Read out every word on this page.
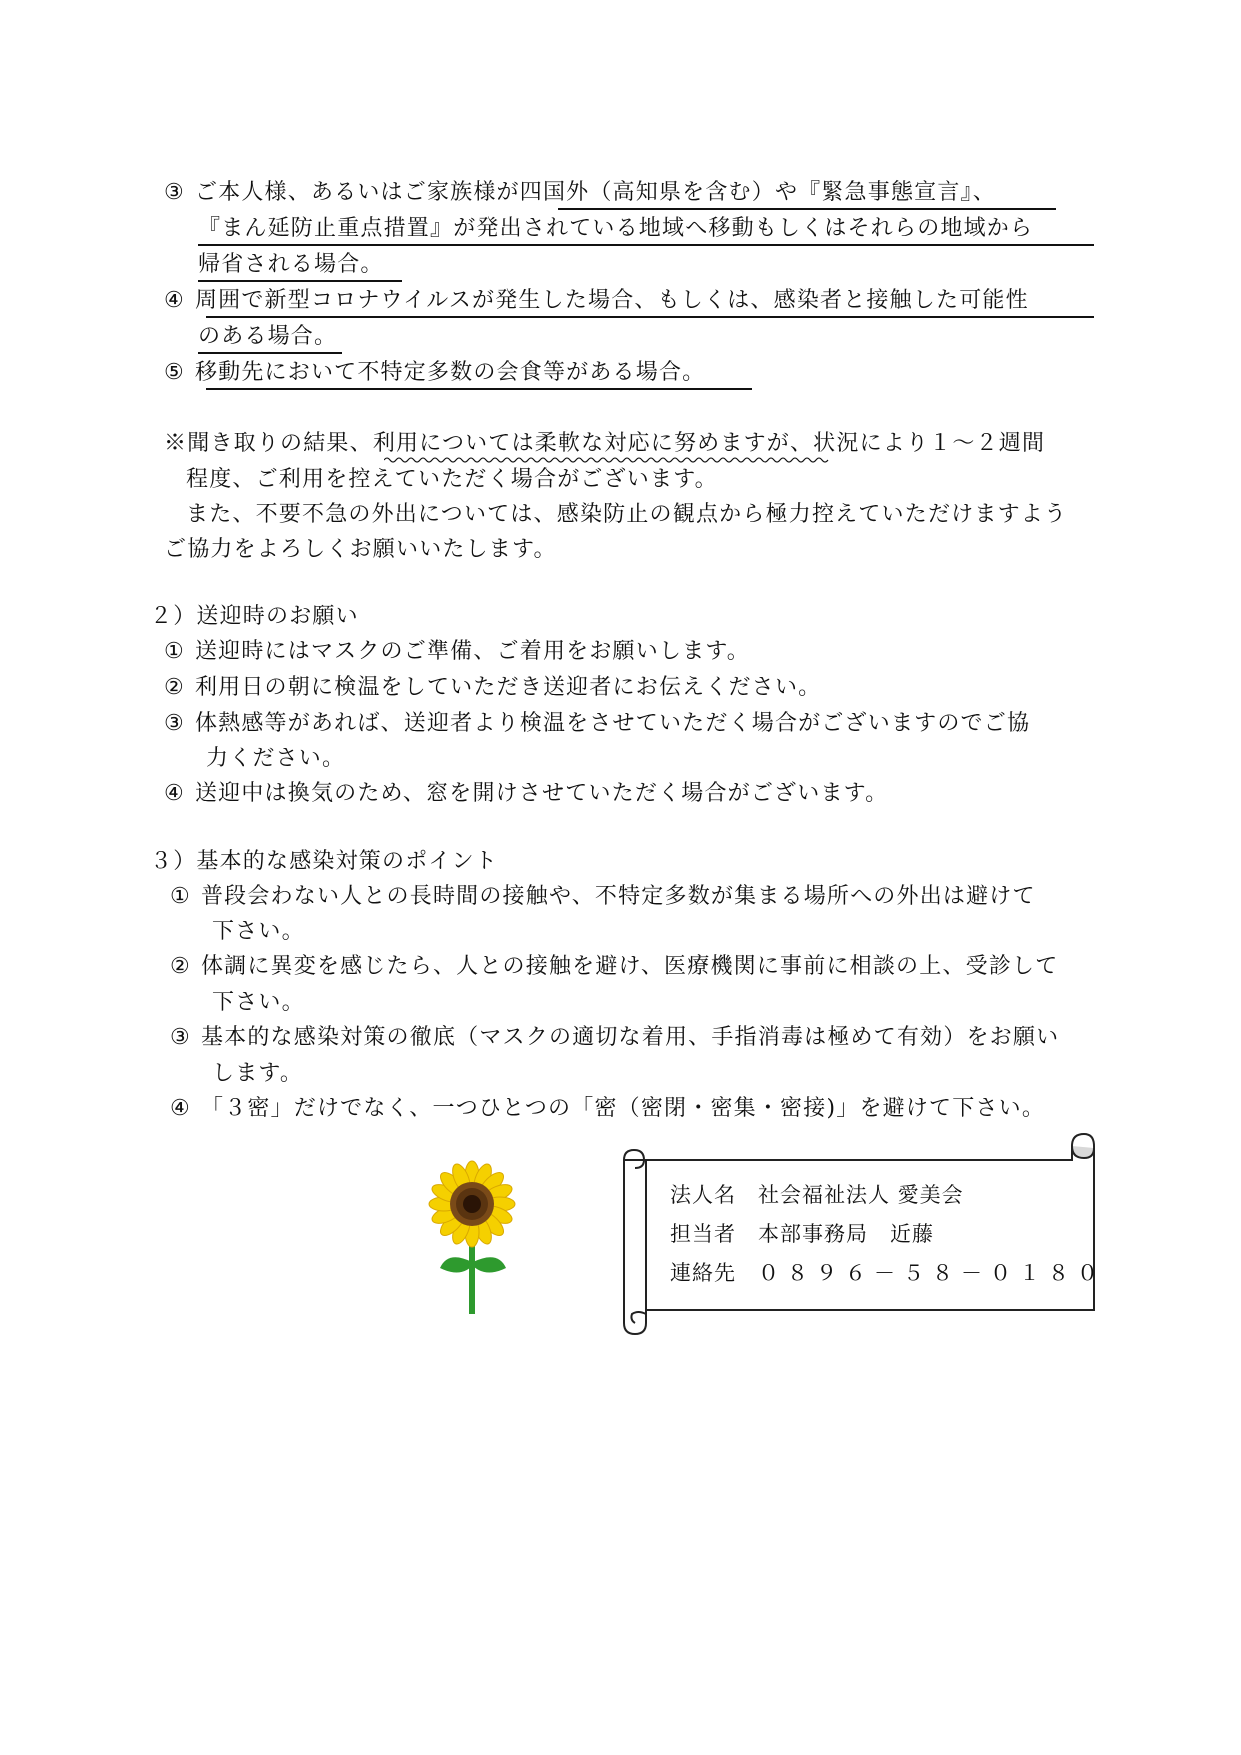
③ ご本人様、あるいはご家族様が四国外（高知県を含む）や『緊急事態宣言』、
『まん延防止重点措置』が発出されている地域へ移動もしくはそれらの地域から
帰省される場合。
④ 周囲で新型コロナウイルスが発生した場合、もしくは、感染者と接触した可能性
のある場合。
⑤ 移動先において不特定多数の会食等がある場合。
※聞き取りの結果、利用については柔軟な対応に努めますが、状況により１～２週間
程度、ご利用を控えていただく場合がございます。
また、不要不急の外出については、感染防止の観点から極力控えていただけますよう
ご協力をよろしくお願いいたします。
２）送迎時のお願い
① 送迎時にはマスクのご準備、ご着用をお願いします。
② 利用日の朝に検温をしていただき送迎者にお伝えください。
③ 体熱感等があれば、送迎者より検温をさせていただく場合がございますのでご協
力ください。
④ 送迎中は換気のため、窓を開けさせていただく場合がございます。
３）基本的な感染対策のポイント
① 普段会わない人との長時間の接触や、不特定多数が集まる場所への外出は避けて
下さい。
② 体調に異変を感じたら、人との接触を避け、医療機関に事前に相談の上、受診して
下さい。
③ 基本的な感染対策の徹底（マスクの適切な着用、手指消毒は極めて有効）をお願い
します。
④ 「３密」だけでなく、一つひとつの「密（密閉・密集・密接)」を避けて下さい。
法人名 社会福祉法人 愛美会
担当者 本部事務局　近藤
連絡先 ０８９６－５８－０１８０
